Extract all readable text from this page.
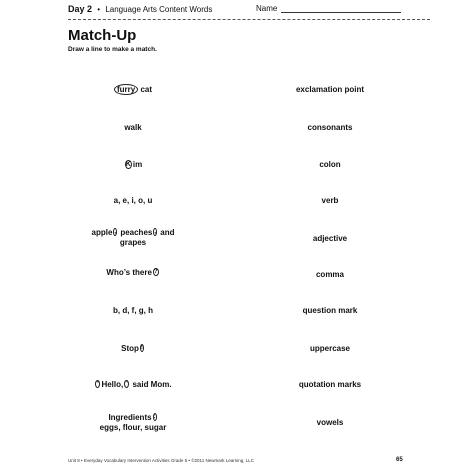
Day 2 • Language Arts Content Words	Name
Match-Up
Draw a line to make a match.
furry cat
walk
K im
a, e, i, o, u
apple , peaches , and
grapes
Who’s there ?
b, d, f, g, h
Stop !
“ Hello, ” said Mom.
Ingredients :
eggs, flour, sugar
exclamation point
consonants
colon
verb
adjective
comma
question mark
uppercase
quotation marks
vowels
Unit 8 • Everyday Vocabulary Intervention Activities Grade 5 • ©2011 Newmark Learning, LLC	65
